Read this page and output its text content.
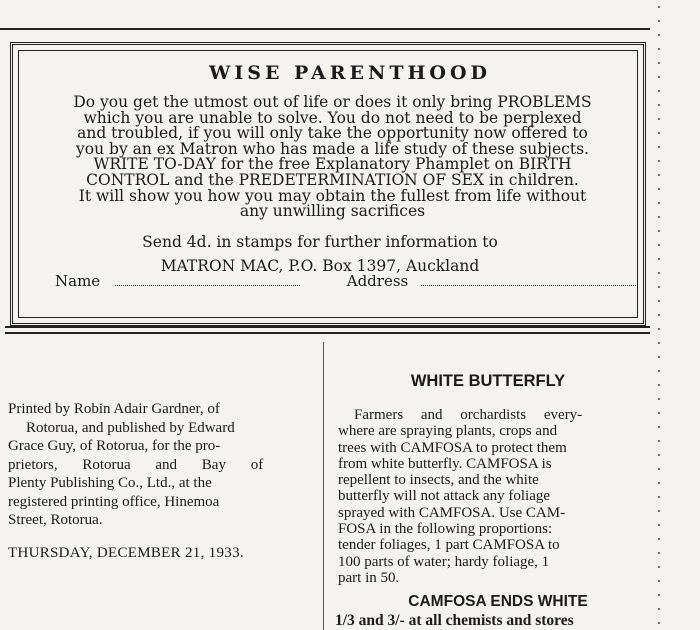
WISE PARENTHOOD
Do you get the utmost out of life or does it only bring PROBLEMS
which you are unable to solve. You do not need to be perplexed
and troubled, if you will only take the opportunity now offered to
you by an ex Matron who has made a life study of these subjects.
WRITE TO-DAY for the free Explanatory Phamplet on BIRTH
CONTROL and the PREDETERMINATION OF SEX in children.
It will show you how you may obtain the fullest from life without
any unwilling sacrifices
Send 4d. in stamps for further information to
MATRON MAC, P.O. Box 1397, Auckland
Name	Address
Printed by Robin Adair Gardner, of
Rotorua, and published by Edward
Grace Guy, of Rotorua, for the pro-
prietors, Rotorua and Bay of
Plenty Publishing Co., Ltd., at the
registered printing office, Hinemoa
Street, Rotorua.
THURSDAY, DECEMBER 21, 1933.
WHITE BUTTERFLY
Farmers and orchardists every-
where are spraying plants, crops and
trees with CAMFOSA to protect them
from white butterfly. CAMFOSA is
repellent to insects, and the white
butterfly will not attack any foliage
sprayed with CAMFOSA. Use CAM-
FOSA in the following proportions:
tender foliages, 1 part CAMFOSA to
100 parts of water; hardy foliage, 1
part in 50.
CAMFOSA ENDS WHITE
1/3 and 3/- at all chemists and stores
